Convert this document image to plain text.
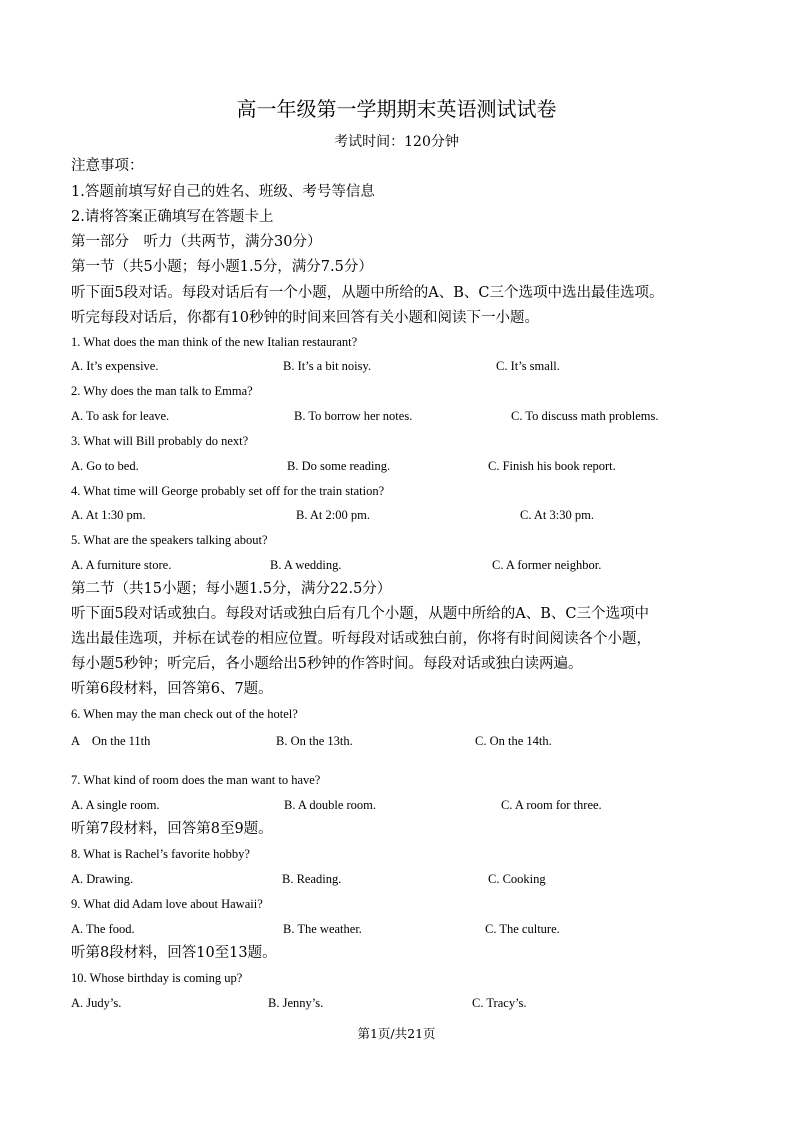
高一年级第一学期期末英语测试试卷
考试时间：120分钟
注意事项：
1.答题前填写好自己的姓名、班级、考号等信息
2.请将答案正确填写在答题卡上
第一部分　听力（共两节，满分30分）
第一节（共5小题；每小题1.5分，满分7.5分）
听下面5段对话。每段对话后有一个小题，从题中所给的A、B、C三个选项中选出最佳选项。
听完每段对话后，你都有10秒钟的时间来回答有关小题和阅读下一小题。
1. What does the man think of the new Italian restaurant?
A. It’s expensive.	B. It’s a bit noisy.	C. It’s small.
2. Why does the man talk to Emma?
A. To ask for leave.	B. To borrow her notes.	C. To discuss math problems.
3. What will Bill probably do next?
A. Go to bed.	B. Do some reading.	C. Finish his book report.
4. What time will George probably set off for the train station?
A. At 1:30 pm.	B. At 2:00 pm.	C. At 3:30 pm.
5. What are the speakers talking about?
A. A furniture store.	B. A wedding.	C. A former neighbor.
第二节（共15小题；每小题1.5分，满分22.5分）
听下面5段对话或独白。每段对话或独白后有几个小题，从题中所给的A、B、C三个选项中
选出最佳选项，并标在试卷的相应位置。听每段对话或独白前，你将有时间阅读各个小题，
每小题5秒钟；听完后，各小题给出5秒钟的作答时间。每段对话或独白读两遍。
听第6段材料，回答第6、7题。
6. When may the man check out of the hotel?
A　On the 11th	B. On the 13th.	C. On the 14th.
7. What kind of room does the man want to have?
A. A single room.	B. A double room.	C. A room for three.
听第7段材料，回答第8至9题。
8. What is Rachel’s favorite hobby?
A. Drawing.	B. Reading.	C. Cooking
9. What did Adam love about Hawaii?
A. The food.	B. The weather.	C. The culture.
听第8段材料，回答10至13题。
10. Whose birthday is coming up?
A. Judy’s.	B. Jenny’s.	C. Tracy’s.
第1页/共21页
